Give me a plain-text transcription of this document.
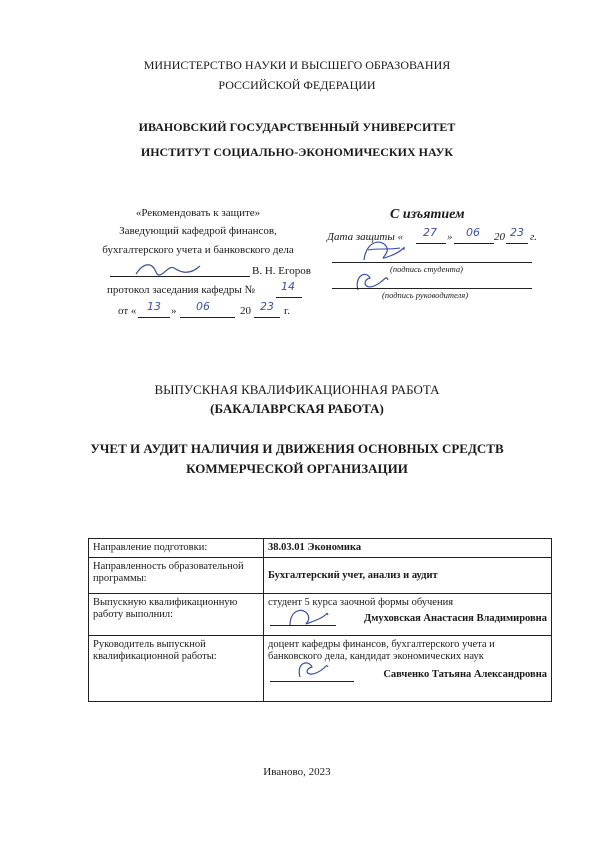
МИНИСТЕРСТВО НАУКИ И ВЫСШЕГО ОБРАЗОВАНИЯ
РОССИЙСКОЙ ФЕДЕРАЦИИ
ИВАНОВСКИЙ ГОСУДАРСТВЕННЫЙ УНИВЕРСИТЕТ
ИНСТИТУТ СОЦИАЛЬНО-ЭКОНОМИЧЕСКИХ НАУК
«Рекомендовать к защите»
Заведующий кафедрой финансов,
бухгалтерского учета и банковского дела
В. Н. Егоров
протокол заседания кафедры № 14
от « 13 » 06	20 23 г.
С изъятием
Дата защиты « 27 » 06 20 23 г.
(подпись студента)
(подпись руководителя)
ВЫПУСКНАЯ КВАЛИФИКАЦИОННАЯ РАБОТА
(БАКАЛАВРСКАЯ РАБОТА)
УЧЕТ И АУДИТ НАЛИЧИЯ И ДВИЖЕНИЯ ОСНОВНЫХ СРЕДСТВ
КОММЕРЧЕСКОЙ ОРГАНИЗАЦИИ
Направление подготовки:	38.03.01 Экономика
Направленность образовательной программы:	Бухгалтерский учет, анализ и аудит
Выпускную квалификационную работу выполнил:	студент 5 курса заочной формы обучения
Дмуховская Анастасия Владимировна

Руководитель выпускной квалификационной работы:	доцент кафедры финансов, бухгалтерского учета и банковского дела, кандидат экономических наук
Савченко Татьяна Александровна
Иваново, 2023
